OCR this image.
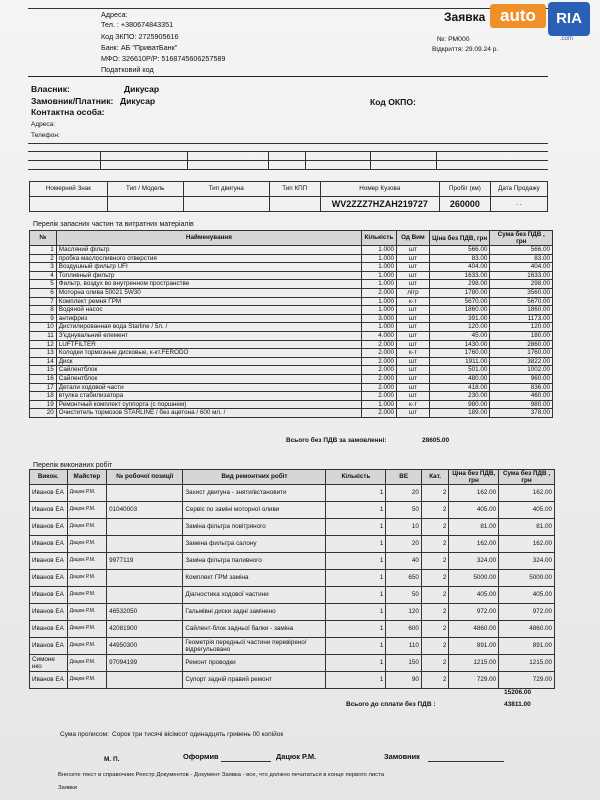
Адреса:
Тел. : +380674843351
Код ЗКПО: 2725905616
Банк: АБ "ПриватБанк"
МФО: 326610Р/Р: 5168745606257589
Податковий код
Заявка
№: РМ000
Відкриття: 29.09.24 р.
auto	RIA
.com
Власник:	Дикусар
Замовник/Платник: Дикусар	Код ОКПО:
Контактна особа:
Адреса:
Телефон:
Номерний Знак	Тип / Модель	Тип двигуна	Тип КПП	Номер Кузова	Пробіг (км)	Дата Продажу
				WV2ZZZ7HZAH219727	260000	. .
Перелік запасних частин та витратних матеріалів
№	Найменування	Кількість	Од Вим	Ціна без ПДВ, грн	Сума без ПДВ , грн
1	Масляний фільтр	1.000	шт	566.00	566.00
2	пробка маслосливного отверстия	1.000	шт	83.00	83.00
3	Воздушный фильтр UFI	1.000	шт	404.00	404.00
4	Топливный фильтр	1.000	шт	1633.00	1633.00
5	Фильтр, воздух во внутренном пространстве	1.000	шт	298.00	298.00
6	Моторна олива 50021 5W30	2.000	літр	1780.00	3560.00
7	Комплект ремня ГРМ	1.000	к-т	5670.00	5670.00
8	Водяной насос	1.000	шт	1860.00	1860.00
9	антифриз	3.000	шт	391.00	1173.00
10	Дистилированная вода Starline / 5л. /	1.000	шт	120.00	120.00
11	З'єднувальний елемент	4.000	шт	45.00	180.00
12	LUFTFILTER	2.000	шт	1430.00	2860.00
13	Колодки тормозные дисковые, к-кт.FERODO	2.000	к-т	1760.00	1760.00
14	Диск	2.000	шт	1911.00	3822.00
15	Сайлентблок	2.000	шт	501.00	1002.00
16	Сайлентблок	2.000	шт	480.00	960.00
17	Детали ходовой части	2.000	шт	418.00	836.00
18	втулка стабилизатора	2.000	шт	230.00	460.00
19	Ремонтный комплект суппорта (с поршнем)	1.000	к-т	980.00	980.00
20	Очиститель тормозов STARLINE / без ацетона / 600 мл. /	2.000	шт	189.00	378.00
Всього без ПДВ за замовленні:	28605.00
Перелік виконаних робіт
Викон.	Майстер	№ робочої позиції	Вид ремонтних робіт	Кількість	ВЕ	Кат.	Ціна без ПДВ, грн	Сума без ПДВ , грн
Иванов ЕА	Дацюк Р.М.		Захист двигуна - зняти/встановити	1	20	2	162.00	162.00
Иванов ЕА	Дацюк Р.М.	01040003	Сервіс по заміні моторної оливи	1	50	2	405.00	405.00
Иванов ЕА	Дацюк Р.М.		Заміна фільтра повітряного	1	10	2	81.00	81.00
Иванов ЕА	Дацюк Р.М.		Замена фильтра салону	1	20	2	162.00	162.00
Иванов ЕА	Дацюк Р.М.	9977119	Заміна фільтра паливного	1	40	2	324.00	324.00
Иванов ЕА	Дацюк Р.М.		Комплект ГРМ заміна	1	650	2	5000.00	5000.00
Иванов ЕА	Дацюк Р.М.		Діагностика ходової частини	1	50	2	405.00	405.00
Иванов ЕА	Дацюк Р.М.	46532050	Гальмівні диски задні замінено	1	120	2	972.00	972.00
Иванов ЕА	Дацюк Р.М.	42081900	Сайлент-блок задньої балки - заміна	1	600	2	4860.00	4860.00
Иванов ЕА	Дацюк Р.М.	44950300	Геометрія передньої частини перевірено/відрегульовано	1	110	2	891.00	891.00
Симоне нко	Дацюк Р.М.	97094199	Ремонт проводки	1	150	2	1215.00	1215.00
Иванов ЕА	Дацюк Р.М.		Супорт задній правий ремонт	1	90	2	729.00	729.00
15206.00
Всього до сплати без ПДВ :	43811.00
Сума прописом: Сорок три тисячі вісімсот одинадцять гривень 00 копійок
М. П.	Оформив	Дацюк Р.М.	Замовник
Внесите текст в справочник Реестр Документов - Документ Заявка - все, что должно печататься в конце первого листа
Заявки
